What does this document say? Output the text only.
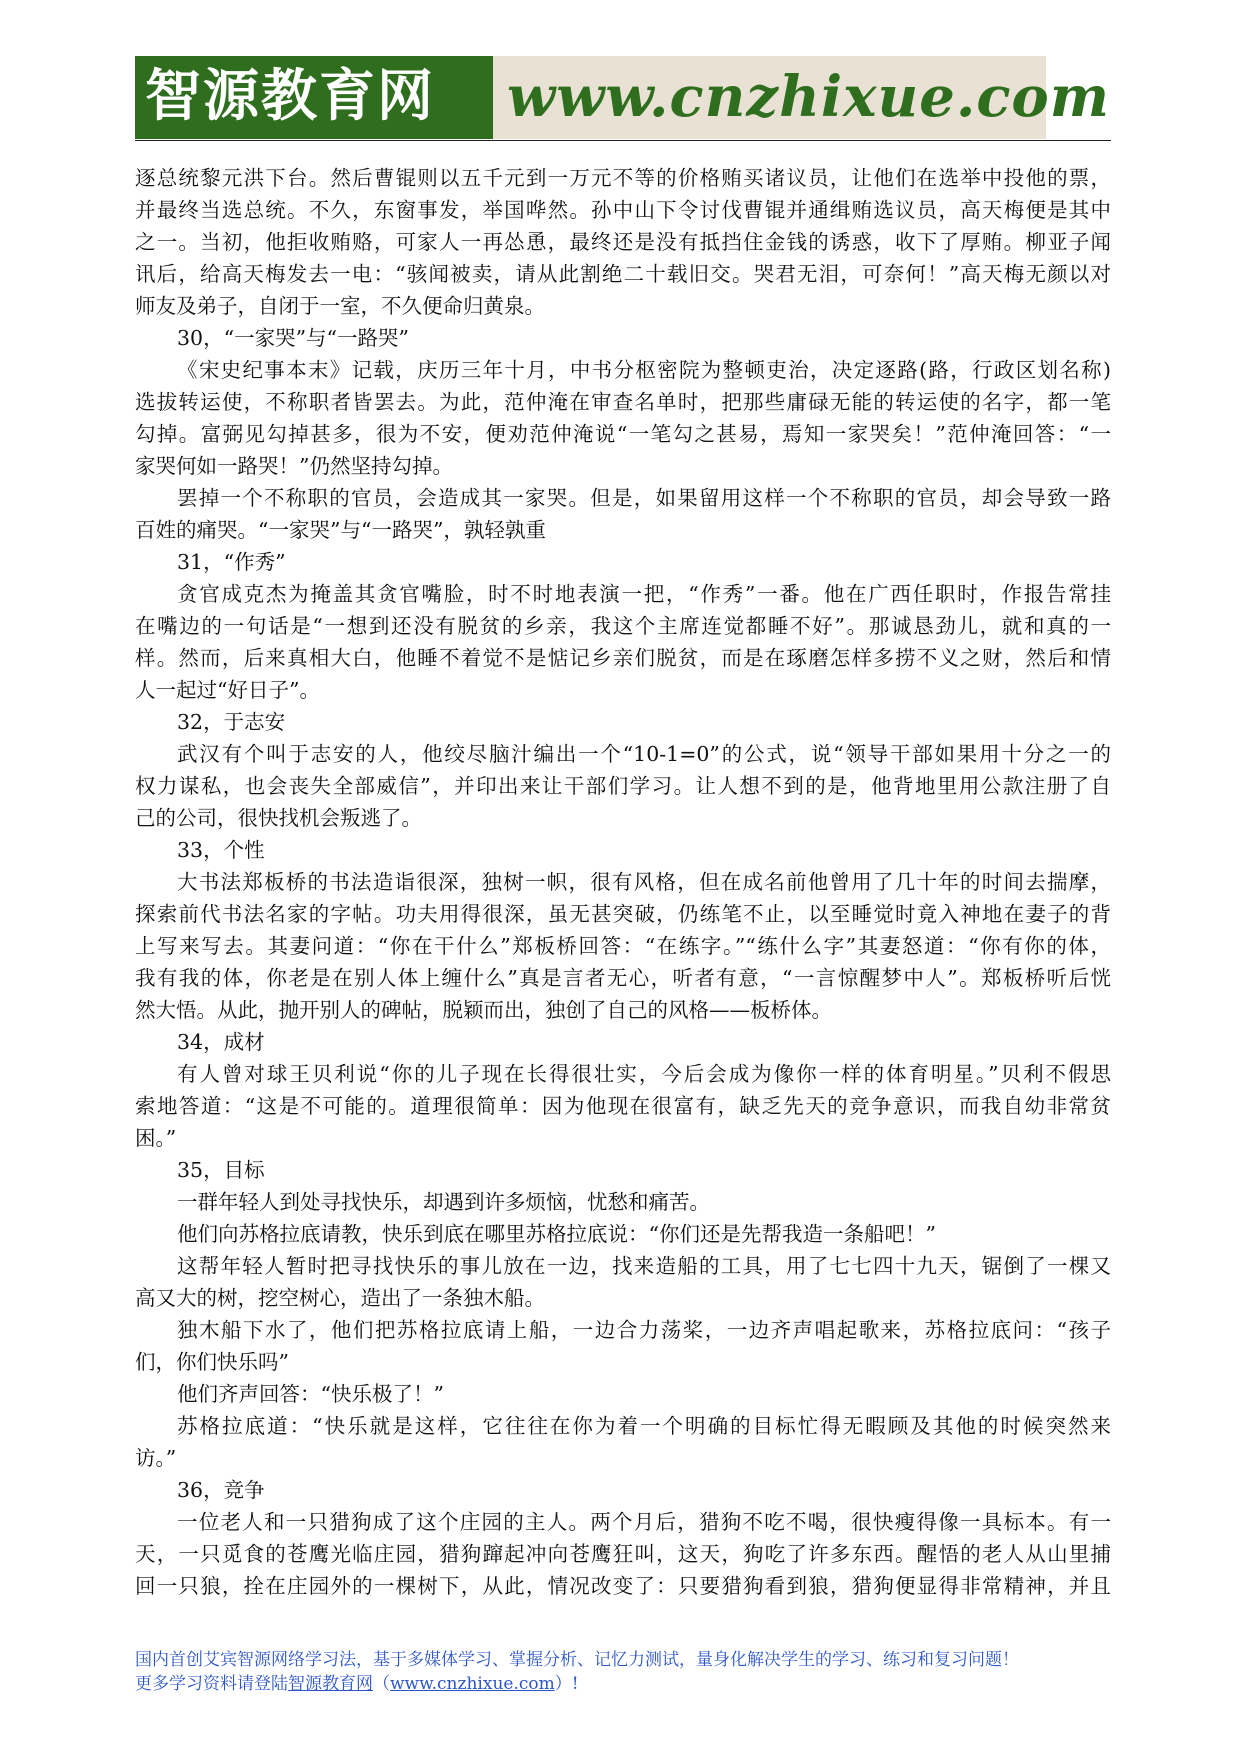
智源教育网 www.cnzhixue.com
逐总统黎元洪下台。然后曹锟则以五千元到一万元不等的价格贿买诸议员，让他们在选举中投他的票，
并最终当选总统。不久，东窗事发，举国哗然。孙中山下令讨伐曹锟并通缉贿选议员，高天梅便是其中
之一。当初，他拒收贿赂，可家人一再怂恿，最终还是没有抵挡住金钱的诱惑，收下了厚贿。柳亚子闻
讯后，给高天梅发去一电：“骇闻被卖，请从此割绝二十载旧交。哭君无泪，可奈何！”高天梅无颜以对
师友及弟子，自闭于一室，不久便命归黄泉。
30，“一家哭”与“一路哭”
《宋史纪事本末》记载，庆历三年十月，中书分枢密院为整顿吏治，决定逐路(路，行政区划名称)
选拔转运使，不称职者皆罢去。为此，范仲淹在审查名单时，把那些庸碌无能的转运使的名字，都一笔
勾掉。富弼见勾掉甚多，很为不安，便劝范仲淹说“一笔勾之甚易，焉知一家哭矣！”范仲淹回答：“一
家哭何如一路哭！”仍然坚持勾掉。
罢掉一个不称职的官员，会造成其一家哭。但是，如果留用这样一个不称职的官员，却会导致一路
百姓的痛哭。“一家哭”与“一路哭”，孰轻孰重
31，“作秀”
贪官成克杰为掩盖其贪官嘴脸，时不时地表演一把，“作秀”一番。他在广西任职时，作报告常挂
在嘴边的一句话是“一想到还没有脱贫的乡亲，我这个主席连觉都睡不好”。那诚恳劲儿，就和真的一
样。然而，后来真相大白，他睡不着觉不是惦记乡亲们脱贫，而是在琢磨怎样多捞不义之财，然后和情
人一起过“好日子”。
32，于志安
武汉有个叫于志安的人，他绞尽脑汁编出一个“10-1=0”的公式，说“领导干部如果用十分之一的
权力谋私，也会丧失全部威信”，并印出来让干部们学习。让人想不到的是，他背地里用公款注册了自
己的公司，很快找机会叛逃了。
33，个性
大书法郑板桥的书法造诣很深，独树一帜，很有风格，但在成名前他曾用了几十年的时间去揣摩，
探索前代书法名家的字帖。功夫用得很深，虽无甚突破，仍练笔不止，以至睡觉时竟入神地在妻子的背
上写来写去。其妻问道：“你在干什么”郑板桥回答：“在练字。”“练什么字”其妻怒道：“你有你的体，
我有我的体，你老是在别人体上缠什么”真是言者无心，听者有意，“一言惊醒梦中人”。郑板桥听后恍
然大悟。从此，抛开别人的碑帖，脱颖而出，独创了自己的风格——板桥体。
34，成材
有人曾对球王贝利说“你的儿子现在长得很壮实，今后会成为像你一样的体育明星。”贝利不假思
索地答道：“这是不可能的。道理很简单：因为他现在很富有，缺乏先天的竞争意识，而我自幼非常贫
困。”
35，目标
一群年轻人到处寻找快乐，却遇到许多烦恼，忧愁和痛苦。
他们向苏格拉底请教，快乐到底在哪里苏格拉底说：“你们还是先帮我造一条船吧！”
这帮年轻人暂时把寻找快乐的事儿放在一边，找来造船的工具，用了七七四十九天，锯倒了一棵又
高又大的树，挖空树心，造出了一条独木船。
独木船下水了，他们把苏格拉底请上船，一边合力荡桨，一边齐声唱起歌来，苏格拉底问：“孩子
们，你们快乐吗”
他们齐声回答：“快乐极了！”
苏格拉底道：“快乐就是这样，它往往在你为着一个明确的目标忙得无暇顾及其他的时候突然来
访。”
36，竞争
一位老人和一只猎狗成了这个庄园的主人。两个月后，猎狗不吃不喝，很快瘦得像一具标本。有一
天，一只觅食的苍鹰光临庄园，猎狗蹿起冲向苍鹰狂叫，这天，狗吃了许多东西。醒悟的老人从山里捕
回一只狼，拴在庄园外的一棵树下，从此，情况改变了：只要猎狗看到狼，猎狗便显得非常精神，并且
国内首创艾宾智源网络学习法，基于多媒体学习、掌握分析、记忆力测试，量身化解决学生的学习、练习和复习问题！
更多学习资料请登陆智源教育网（www.cnzhixue.com）!
